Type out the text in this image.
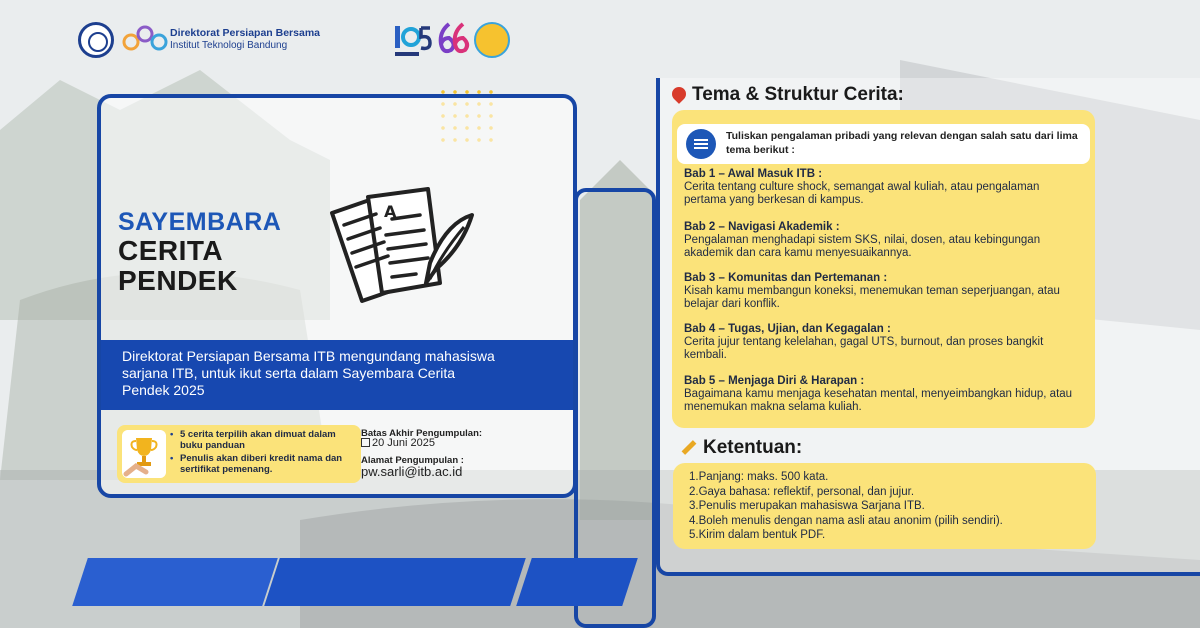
Direktorat Persiapan Bersama
Institut Teknologi Bandung
SAYEMBARA
CERITA
PENDEK
A
Direktorat Persiapan Bersama ITB mengundang mahasiswa sarjana ITB, untuk ikut serta dalam Sayembara Cerita Pendek 2025
• 5 cerita terpilih akan dimuat dalam buku panduan
• Penulis akan diberi kredit nama dan sertifikat pemenang.
Batas Akhir Pengumpulan:
20 Juni 2025
Alamat Pengumpulan :
pw.sarli@itb.ac.id
Tema & Struktur Cerita:
Tuliskan pengalaman pribadi yang relevan dengan salah satu dari lima tema berikut :
Bab 1 – Awal Masuk ITB :
Cerita tentang culture shock, semangat awal kuliah, atau pengalaman pertama yang berkesan di kampus.
Bab 2 – Navigasi Akademik :
Pengalaman menghadapi sistem SKS, nilai, dosen, atau kebingungan akademik dan cara kamu menyesuaikannya.
Bab 3 – Komunitas dan Pertemanan :
Kisah kamu membangun koneksi, menemukan teman seperjuangan, atau belajar dari konflik.
Bab 4 – Tugas, Ujian, dan Kegagalan :
Cerita jujur tentang kelelahan, gagal UTS, burnout, dan proses bangkit kembali.
Bab 5 – Menjaga Diri & Harapan :
Bagaimana kamu menjaga kesehatan mental, menyeimbangkan hidup, atau menemukan makna selama kuliah.
Ketentuan:
1.Panjang: maks. 500 kata.
2.Gaya bahasa: reflektif, personal, dan jujur.
3.Penulis merupakan mahasiswa Sarjana ITB.
4.Boleh menulis dengan nama asli atau anonim (pilih sendiri).
5.Kirim dalam bentuk PDF.
